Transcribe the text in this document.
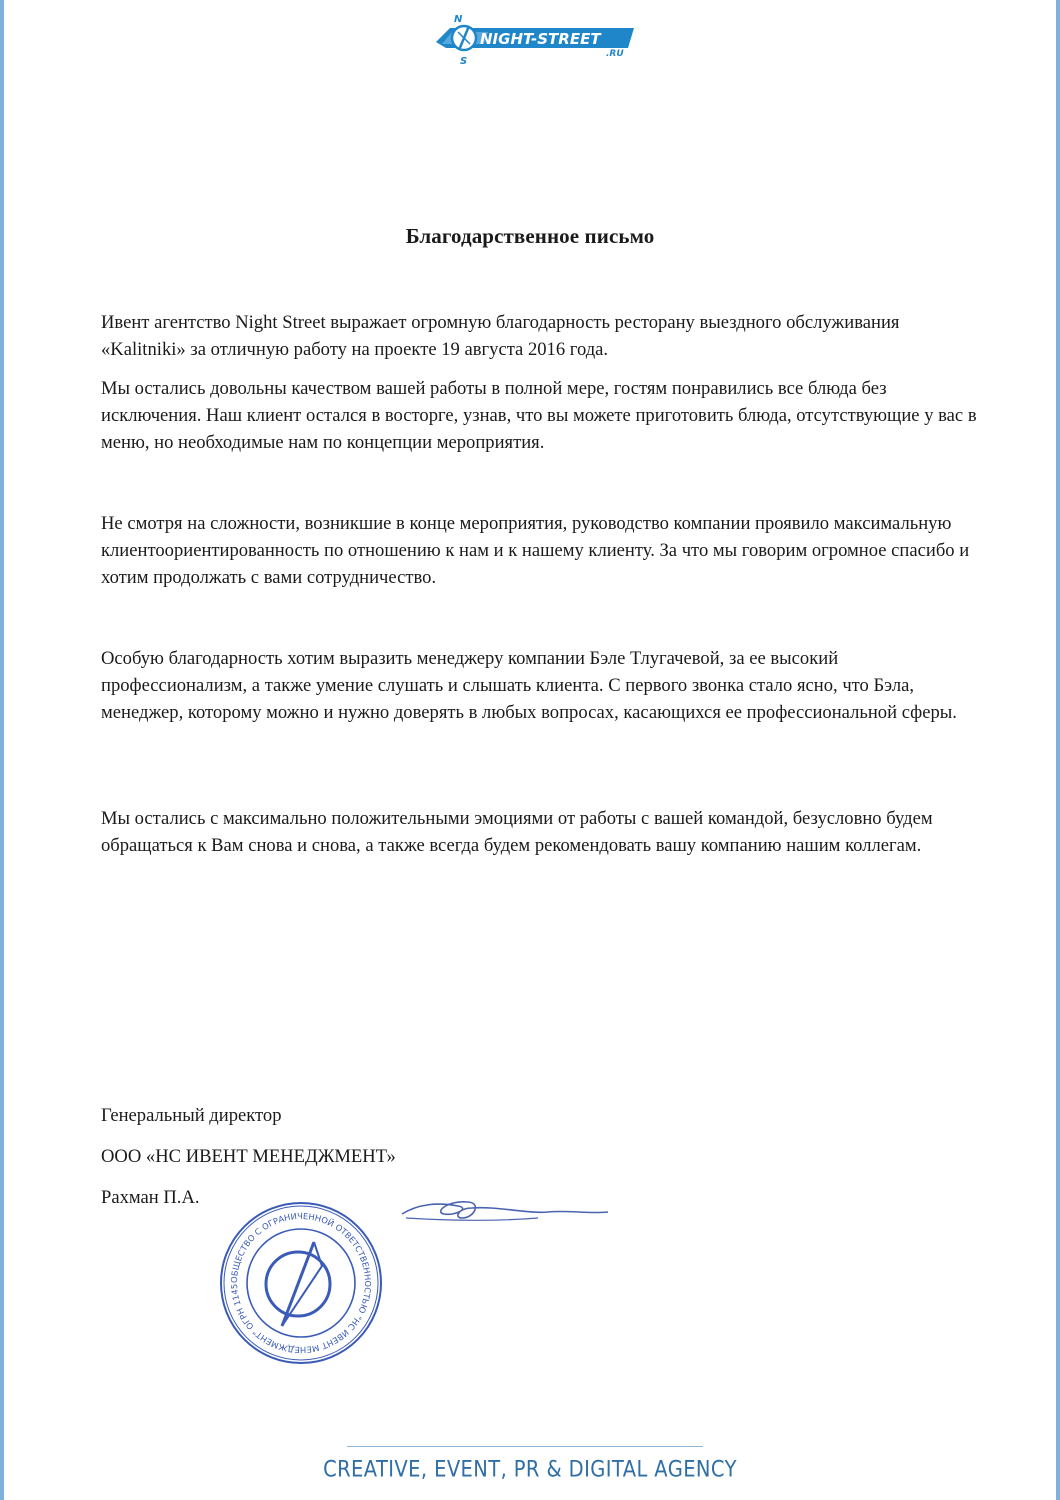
N
S
NIGHT-STREET
.RU
Благодарственное письмо

Ивент агентство Night Street выражает огромную благодарность ресторану выездного обслуживания «Kalitniki» за отличную работу на проекте 19 августа 2016 года.

Мы остались довольны качеством вашей работы в полной мере, гостям понравились все блюда без исключения. Наш клиент остался в восторге, узнав, что вы можете приготовить блюда, отсутствующие у вас в меню, но необходимые нам по концепции мероприятия.

Не смотря на сложности, возникшие в конце мероприятия, руководство компании проявило максимальную клиентоориентированность по отношению к нам и к нашему клиенту. За что мы говорим огромное спасибо и хотим продолжать с вами сотрудничество.

Особую благодарность хотим выразить менеджеру компании Бэле Тлугачевой, за ее высокий профессионализм, а также умение слушать и слышать клиента. С первого звонка стало ясно, что Бэла, менеджер, которому можно и нужно доверять в любых вопросах, касающихся ее профессиональной сферы.

Мы остались с максимально положительными эмоциями от работы с вашей командой, безусловно будем обращаться к Вам снова и снова, а также всегда будем рекомендовать вашу компанию нашим коллегам.

Генеральный директор
ООО «НС ИВЕНТ МЕНЕДЖМЕНТ»
Рахман П.А.
ОБЩЕСТВО С ОГРАНИЧЕННОЙ ОТВЕТСТВЕННОСТЬЮ "НС ИВЕНТ МЕНЕДЖМЕНТ" ОГРН 1145
CREATIVE, EVENT, PR & DIGITAL AGENCY
